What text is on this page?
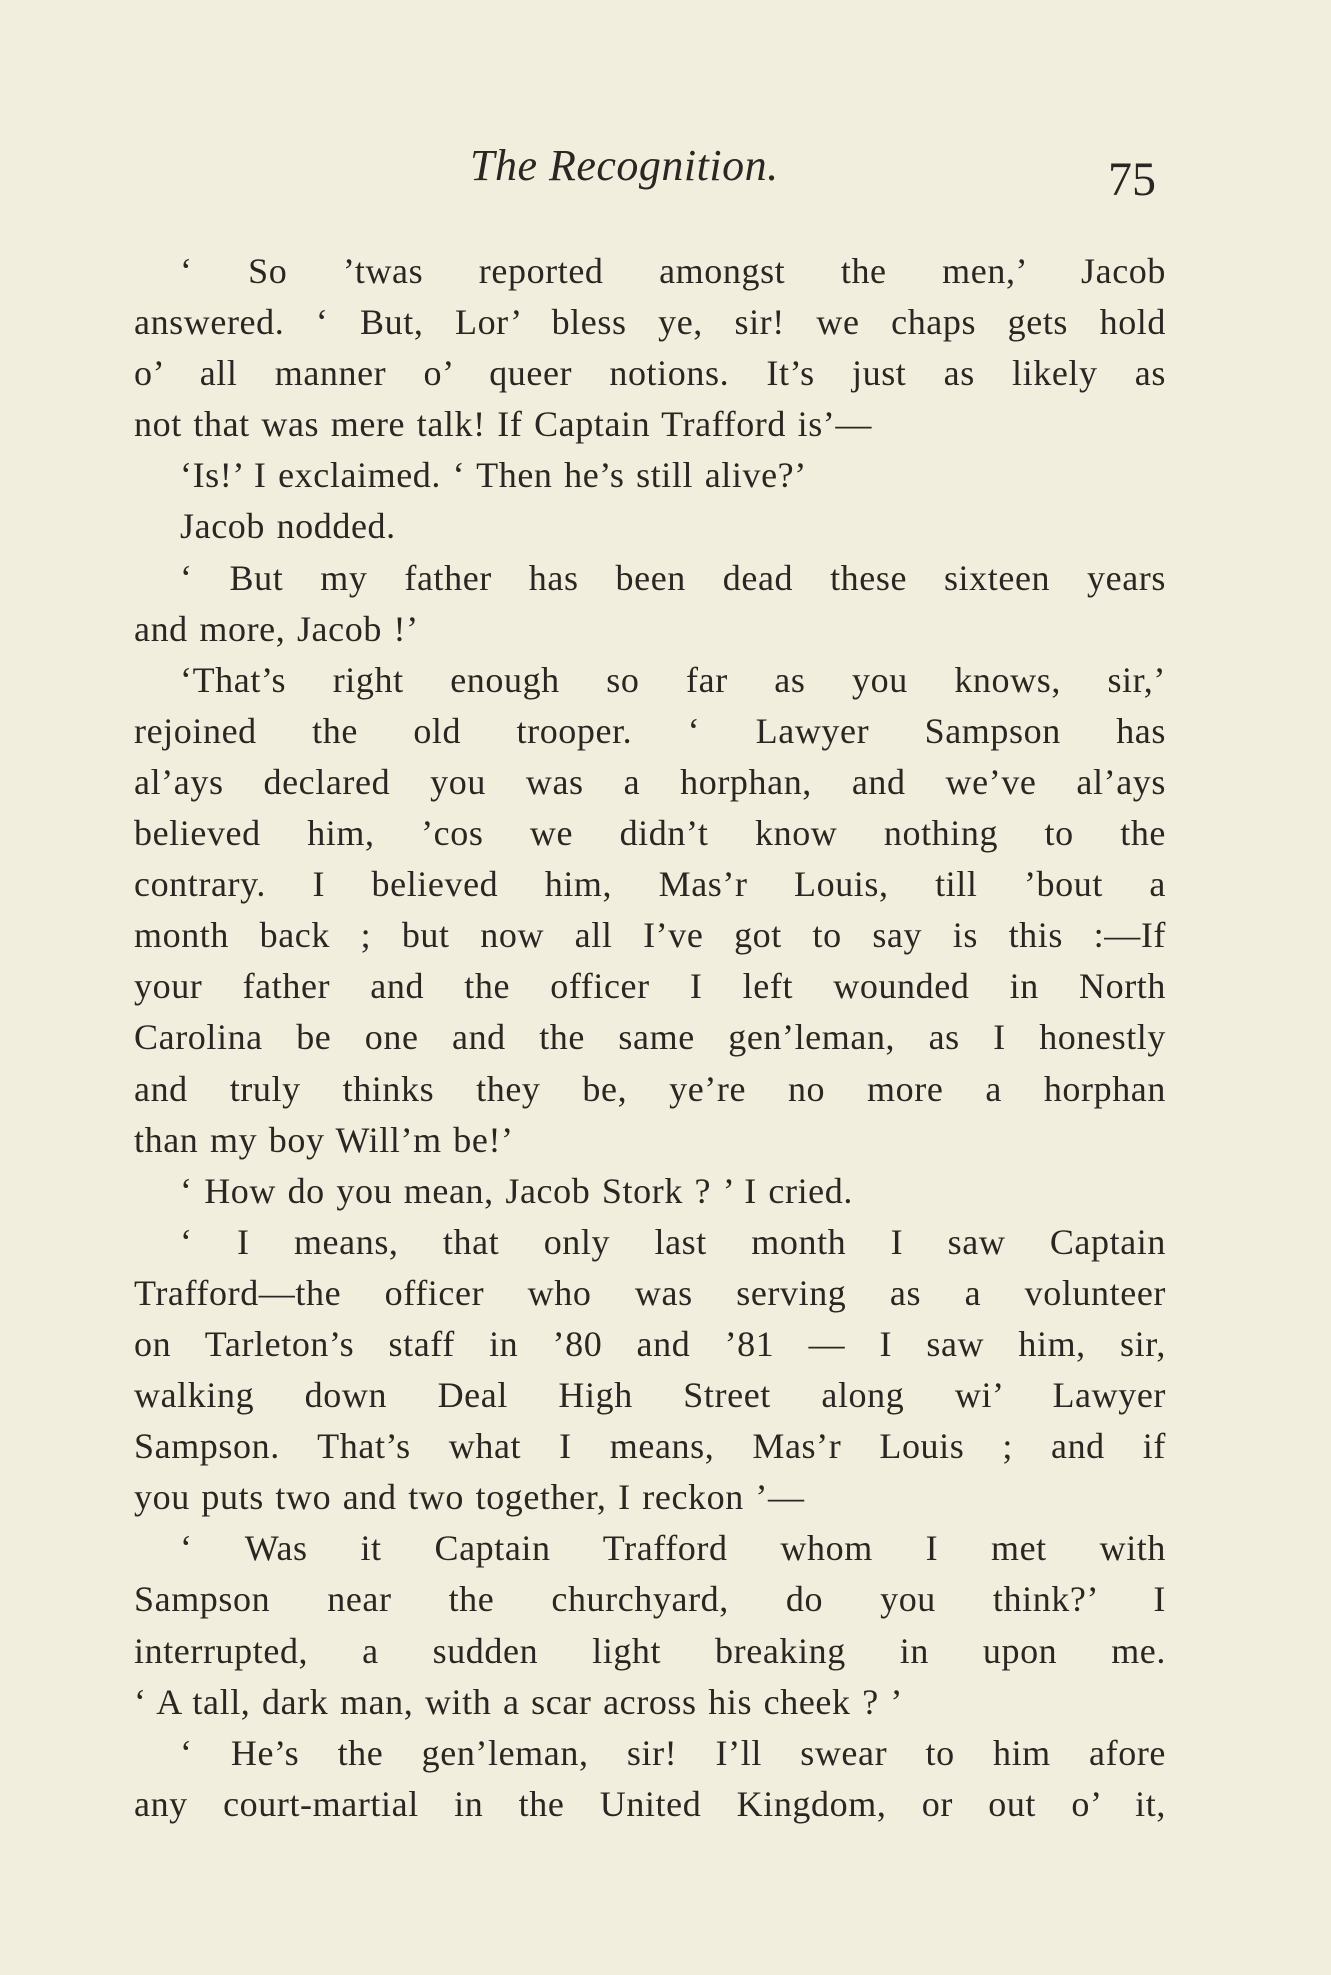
The Recognition.	75
‘ So ’twas reported amongst the men,’ Jacob
answered. ‘ But, Lor’ bless ye, sir! we chaps gets hold
o’ all manner o’ queer notions. It’s just as likely as
not that was mere talk! If Captain Trafford is’—
‘Is!’ I exclaimed. ‘ Then he’s still alive?’
Jacob nodded.
‘ But my father has been dead these sixteen years
and more, Jacob !’
‘That’s right enough so far as you knows, sir,’
rejoined the old trooper. ‘ Lawyer Sampson has
al’ays declared you was a horphan, and we’ve al’ays
believed him, ’cos we didn’t know nothing to the
contrary. I believed him, Mas’r Louis, till ’bout a
month back ; but now all I’ve got to say is this :—If
your father and the officer I left wounded in North
Carolina be one and the same gen’leman, as I honestly
and truly thinks they be, ye’re no more a horphan
than my boy Will’m be!’
‘ How do you mean, Jacob Stork ? ’ I cried.
‘ I means, that only last month I saw Captain
Trafford—the officer who was serving as a volunteer
on Tarleton’s staff in ’80 and ’81 — I saw him, sir,
walking down Deal High Street along wi’ Lawyer
Sampson. That’s what I means, Mas’r Louis ; and if
you puts two and two together, I reckon ’—
‘ Was it Captain Trafford whom I met with
Sampson near the churchyard, do you think?’ I
interrupted, a sudden light breaking in upon me.
‘ A tall, dark man, with a scar across his cheek ? ’
‘ He’s the gen’leman, sir! I’ll swear to him afore
any court-martial in the United Kingdom, or out o’ it,
